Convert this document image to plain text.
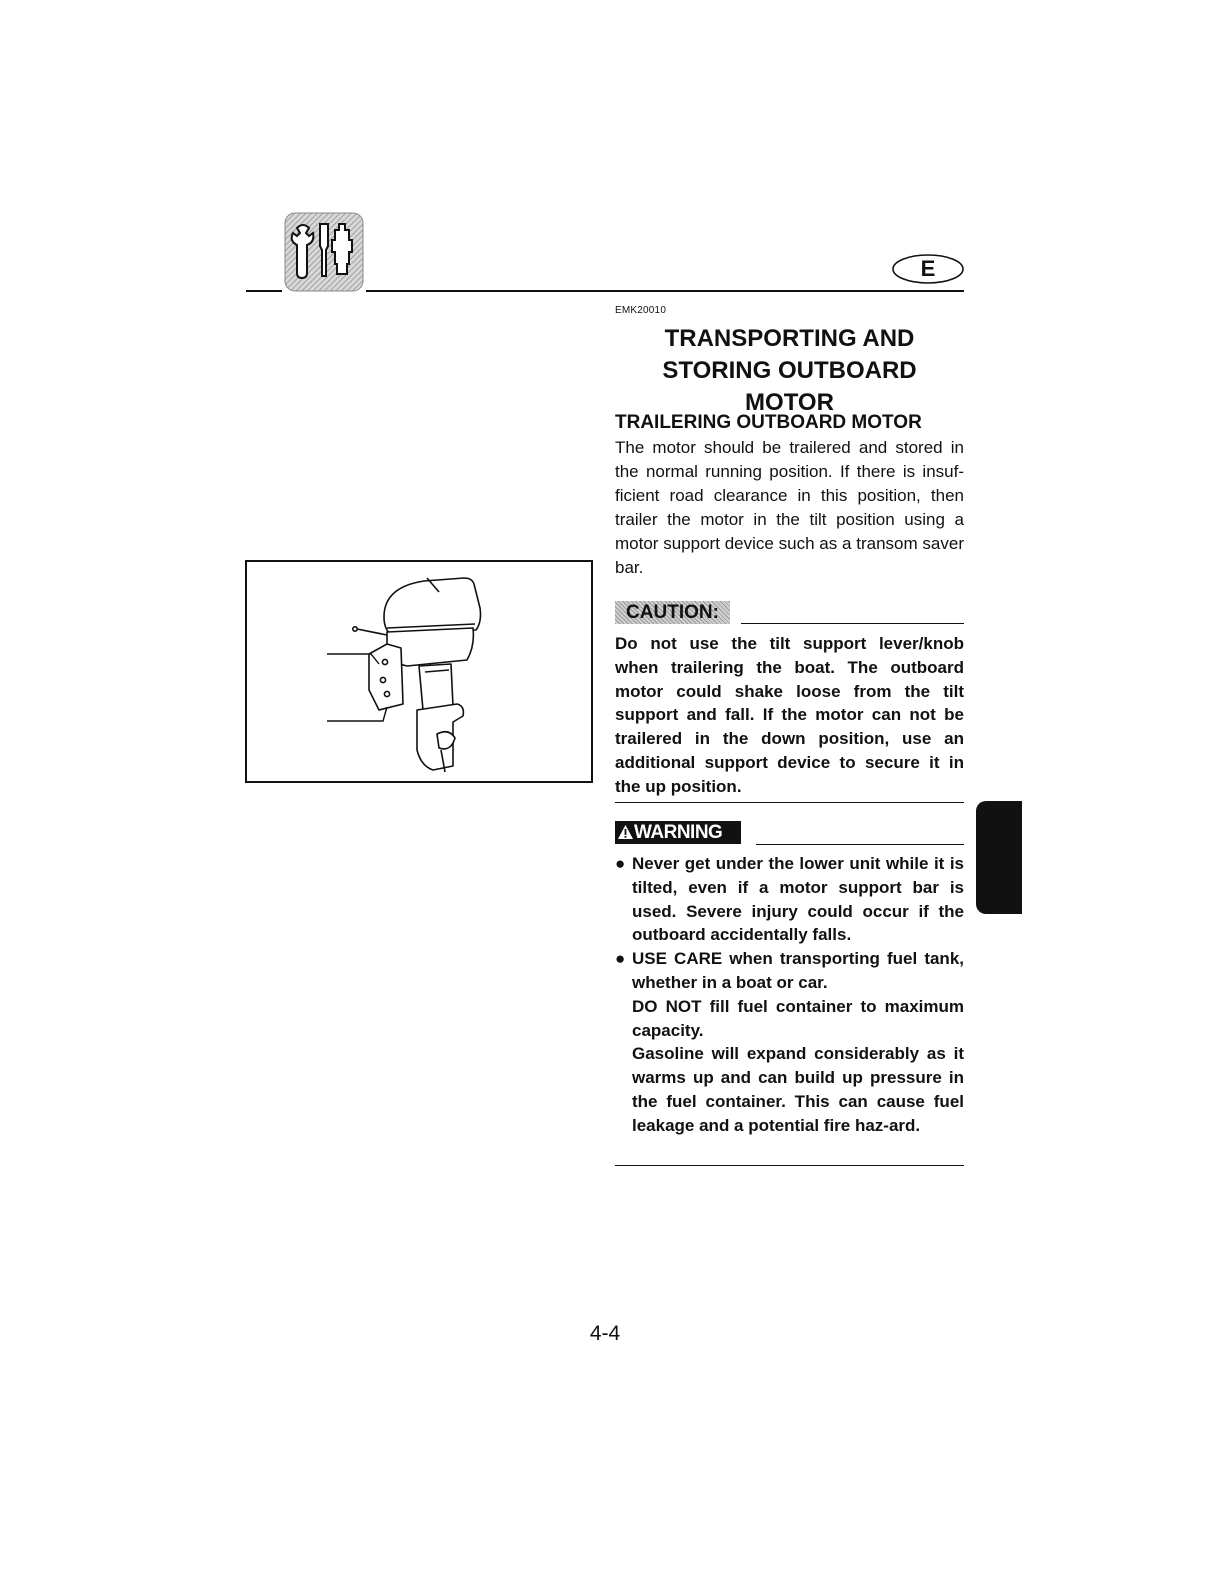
E
EMK20010
TRANSPORTING AND STORING OUTBOARD MOTOR
TRAILERING OUTBOARD MOTOR

The motor should be trailered and stored in the normal running position. If there is insuf-ficient road clearance in this position, then trailer the motor in the tilt position using a motor support device such as a transom saver bar.

CAUTION:

Do not use the tilt support lever/knob when trailering the boat. The outboard motor could shake loose from the tilt support and fall. If the motor can not be trailered in the down position, use an additional support device to secure it in the up position.

WARNING
● Never get under the lower unit while it is tilted, even if a motor support bar is used. Severe injury could occur if the outboard accidentally falls.

● USE CARE when transporting fuel tank, whether in a boat or car.

DO NOT fill fuel container to maximum capacity.

Gasoline will expand considerably as it warms up and can build up pressure in the fuel container. This can cause fuel leakage and a potential fire haz-ard.

4-4
